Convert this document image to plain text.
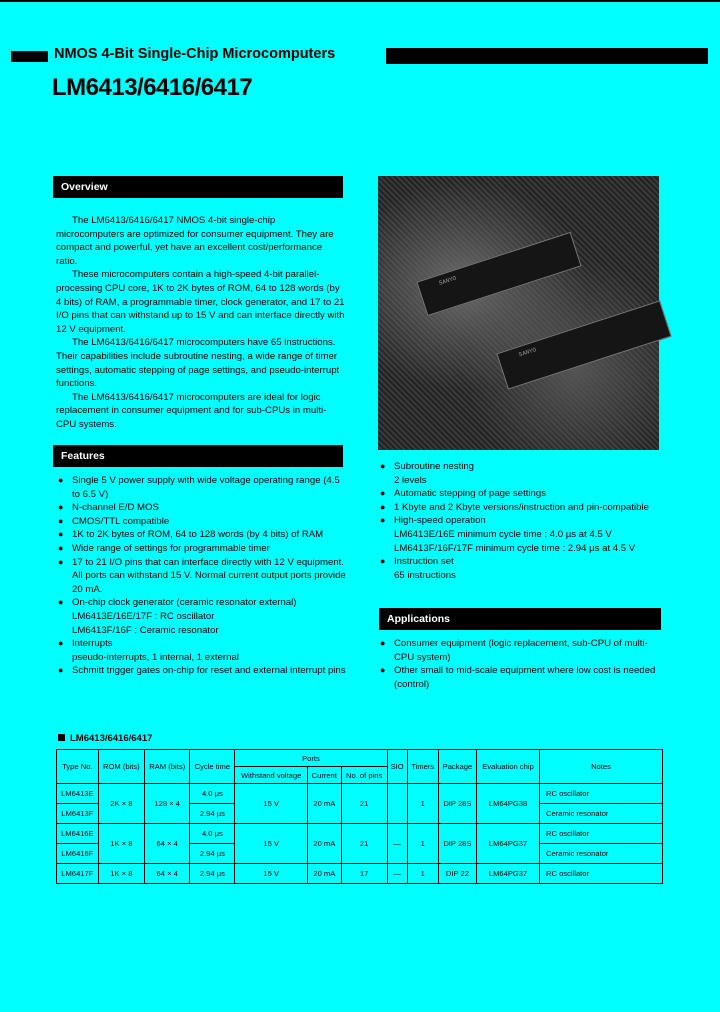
NMOS 4-Bit Single-Chip Microcomputers
LM6413/6416/6417
Overview

The LM6413/6416/6417 NMOS 4-bit single-chip microcomputers are optimized for consumer equipment. They are compact and powerful, yet have an excellent cost/performance ratio.

These microcomputers contain a high-speed 4-bit parallel-processing CPU core, 1K to 2K bytes of ROM, 64 to 128 words (by 4 bits) of RAM, a programmable timer, clock generator, and 17 to 21 I/O pins that can withstand up to 15 V and can interface directly with 12 V equipment.

The LM6413/6416/6417 microcomputers have 65 instructions. Their capabilities include subroutine nesting, a wide range of timer settings, automatic stepping of page settings, and pseudo-interrupt functions.

The LM6413/6416/6417 microcomputers are ideal for logic replacement in consumer equipment and for sub-CPUs in multi-CPU systems.

SANYO
SANYO
Features
● Single 5 V power supply with wide voltage operating range (4.5 to 6.5 V)
● N-channel E/D MOS
● CMOS/TTL compatible
● 1K to 2K bytes of ROM, 64 to 128 words (by 4 bits) of RAM
● Wide range of settings for programmable timer
● 17 to 21 I/O pins that can interface directly with 12 V equipment. All ports can withstand 15 V. Normal current output ports provide 20 mA.
● On-chip clock generator (ceramic resonator external)
LM6413E/16E/17F : RC oscillator
LM6413F/16F : Ceramic resonator
● Interrupts
pseudo-interrupts, 1 internal, 1 external
● Schmitt trigger gates on-chip for reset and external interrupt pins
● Subroutine nesting
2 levels
● Automatic stepping of page settings
● 1 Kbyte and 2 Kbyte versions/instruction and pin-compatible
● High-speed operation
LM6413E/16E minimum cycle time : 4.0 µs at 4.5 V
LM6413F/16F/17F minimum cycle time : 2.94 µs at 4.5 V
● Instruction set
65 instructions
Applications
● Consumer equipment (logic replacement, sub-CPU of multi-CPU system)
● Other small to mid-scale equipment where low cost is needed (control)
LM6413/6416/6417
Type No.	ROM (bits)	RAM (bits)	Cycle time	Ports			SIO	Timers	Package	Evaluation chip	Notes
				Withstand voltage	Current	No. of pins					
LM6413E	2K × 8	128 × 4	4.0 µs	15 V	20 mA	21		1	DIP 28S	LM64PG38	RC oscillator
LM6413F			2.94 µs								Ceramic resonator
LM6416E	1K × 8	64 × 4	4.0 µs	15 V	20 mA	21	—	1	DIP 28S	LM64PG37	RC oscillator
LM6416F			2.94 µs								Ceramic resonator
LM6417F	1K × 8	64 × 4	2.94 µs	15 V	20 mA	17	—	1	DIP 22	LM64PG37	RC oscillator
